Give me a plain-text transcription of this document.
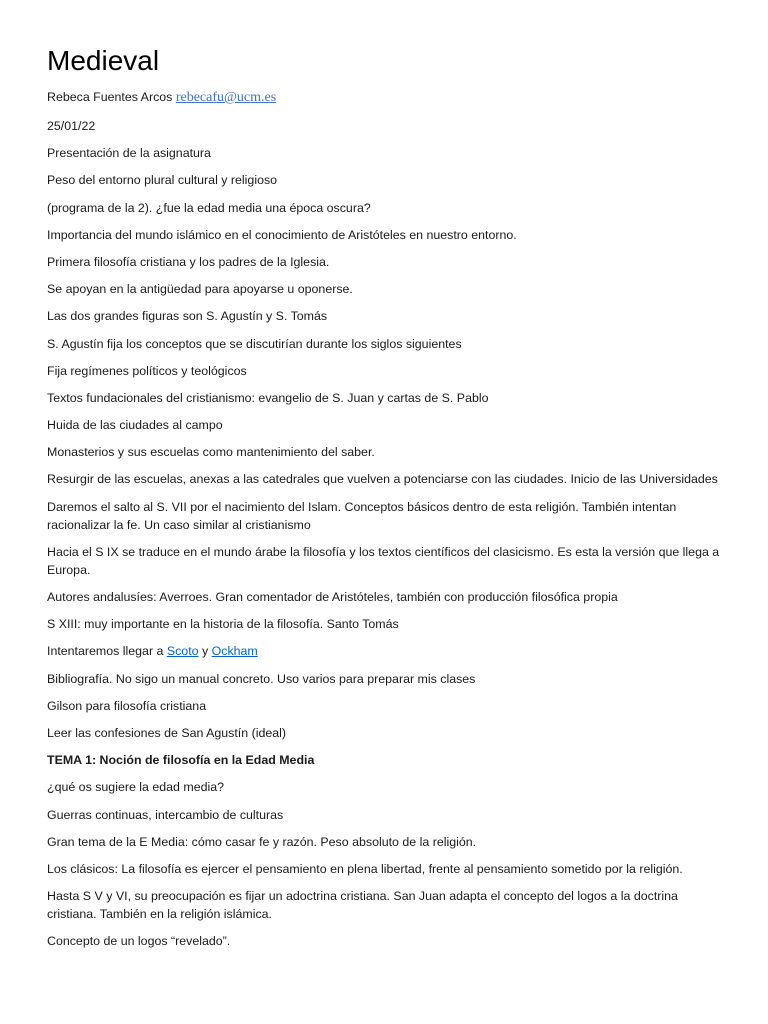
Medieval

Rebeca Fuentes Arcos rebecafu@ucm.es

25/01/22

Presentación de la asignatura

Peso del entorno plural cultural y religioso

(programa de la 2). ¿fue la edad media una época oscura?

Importancia del mundo islámico en el conocimiento de Aristóteles en nuestro entorno.

Primera filosofía cristiana y los padres de la Iglesia.

Se apoyan en la antigüedad para apoyarse u oponerse.

Las dos grandes figuras son S. Agustín y S. Tomás

S. Agustín fija los conceptos que se discutirían durante los siglos siguientes

Fija regímenes políticos y teológicos

Textos fundacionales del cristianismo: evangelio de S. Juan y cartas de S. Pablo

Huida de las ciudades al campo

Monasterios y sus escuelas como mantenimiento del saber.

Resurgir de las escuelas, anexas a las catedrales que vuelven a potenciarse con las ciudades. Inicio de las Universidades

Daremos el salto al S. VII por el nacimiento del Islam. Conceptos básicos dentro de esta religión. También intentan racionalizar la fe. Un caso similar al cristianismo

Hacia el S IX se traduce en el mundo árabe la filosofía y los textos científicos del clasicismo. Es esta la versión que llega a Europa.

Autores andalusíes: Averroes. Gran comentador de Aristóteles, también con producción filosófica propia

S XIII: muy importante en la historia de la filosofía. Santo Tomás

Intentaremos llegar a Scoto y Ockham

Bibliografía. No sigo un manual concreto. Uso varios para preparar mis clases

Gilson para filosofía cristiana

Leer las confesiones de San Agustín (ideal)

TEMA 1: Noción de filosofía en la Edad Media

¿qué os sugiere la edad media?

Guerras continuas, intercambio de culturas

Gran tema de la E Media: cómo casar fe y razón. Peso absoluto de la religión.

Los clásicos: La filosofía es ejercer el pensamiento en plena libertad, frente al pensamiento sometido por la religión.

Hasta S V y VI, su preocupación es fijar un adoctrina cristiana. San Juan adapta el concepto del logos a la doctrina cristiana. También en la religión islámica.

Concepto de un logos “revelado”.
